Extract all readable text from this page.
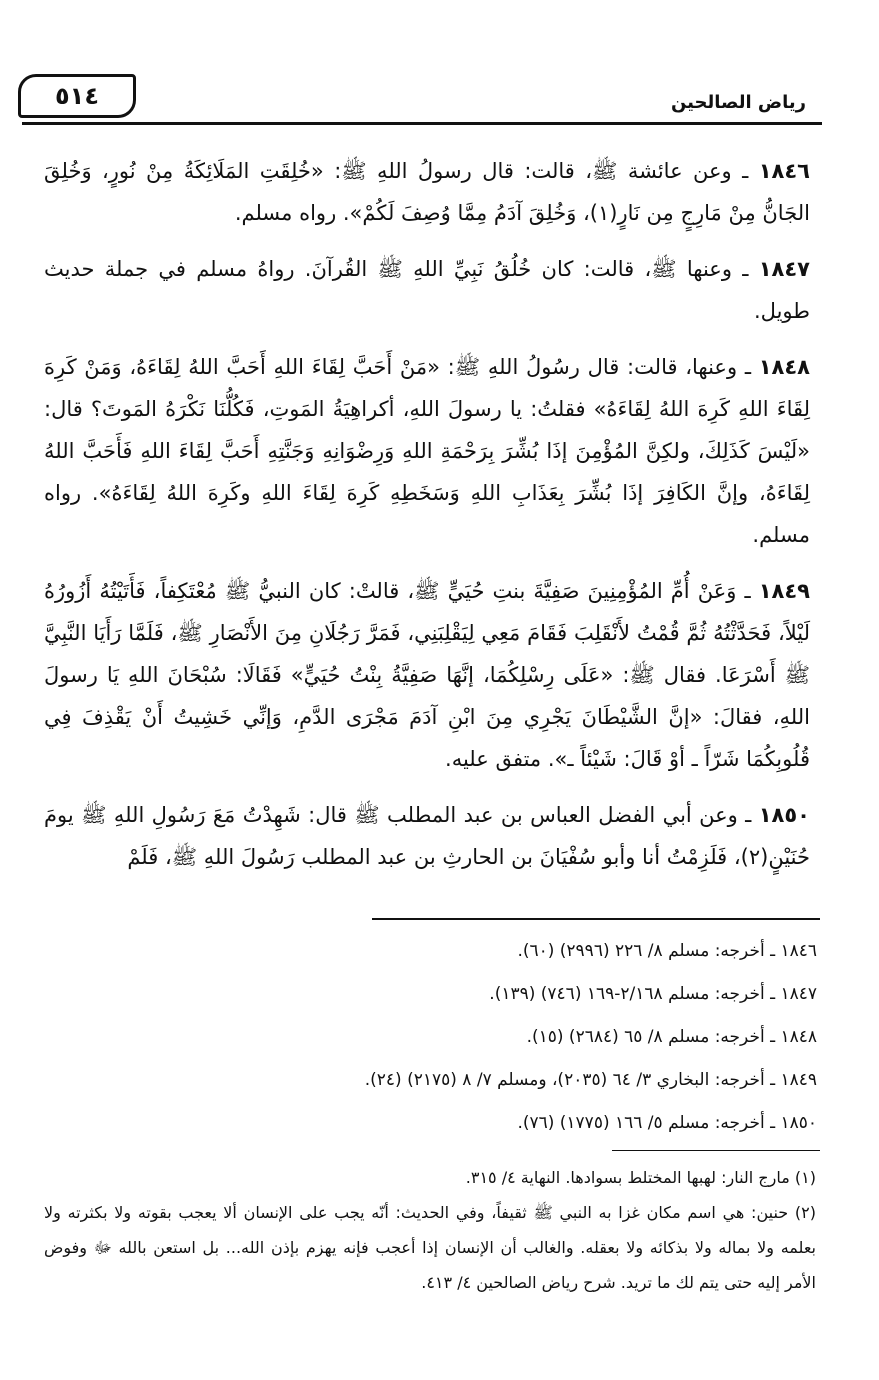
٥١٤	رياض الصالحين

١٨٤٦ ـ وعن عائشة ﷺ، قالت: قال رسولُ اللهِ ﷺ: «خُلِقَتِ المَلَائِكَةُ مِنْ نُورٍ، وَخُلِقَ الجَانُّ مِنْ مَارِجٍ مِن نَارٍ(١)، وَخُلِقَ آدَمُ مِمَّا وُصِفَ لَكُمْ». رواه مسلم.

١٨٤٧ ـ وعنها ﷺ، قالت: كان خُلُقُ نَبِيِّ اللهِ ﷺ القُرآنَ. رواهُ مسلم في جملة حديث طويل.

١٨٤٨ ـ وعنها، قالت: قال رسُولُ اللهِ ﷺ: «مَنْ أَحَبَّ لِقَاءَ اللهِ أَحَبَّ اللهُ لِقَاءَهُ، وَمَنْ كَرِهَ لِقَاءَ اللهِ كَرِهَ اللهُ لِقَاءَهُ» فقلتُ: يا رسولَ اللهِ، أكراهِيَةُ المَوتِ، فَكُلُّنَا نَكْرَهُ المَوتَ؟ قال: «لَيْسَ كَذَلِكَ، ولكِنَّ المُؤْمِنَ إذَا بُشِّرَ بِرَحْمَةِ اللهِ وَرِضْوَانِهِ وَجَنَّتِهِ أَحَبَّ لِقَاءَ اللهِ فَأَحَبَّ اللهُ لِقَاءَهُ، وإنَّ الكَافِرَ إذَا بُشِّرَ بِعَذَابِ اللهِ وَسَخَطِهِ كَرِهَ لِقَاءَ اللهِ وكَرِهَ اللهُ لِقَاءَهُ». رواه مسلم.

١٨٤٩ ـ وَعَنْ أُمِّ المُؤْمِنِينَ صَفِيَّةَ بنتِ حُيَيٍّ ﷺ، قالتْ: كان النبيُّ ﷺ مُعْتَكِفاً، فَأَتَيْتُهُ أَزُورُهُ لَيْلاً، فَحَدَّثْتُهُ ثُمَّ قُمْتُ لأَنْقَلِبَ فَقَامَ مَعِي لِيَقْلِبَنِي، فَمَرَّ رَجُلَانِ مِنَ الأَنْصَارِ ﷺ، فَلَمَّا رَأَيَا النَّبِيَّ ﷺ أَسْرَعَا. فقال ﷺ: «عَلَى رِسْلِكُمَا، إنَّهَا صَفِيَّةُ بِنْتُ حُيَيٍّ» فَقَالَا: سُبْحَانَ اللهِ يَا رسولَ اللهِ، فقالَ: «إنَّ الشَّيْطَانَ يَجْرِي مِنَ ابْنِ آدَمَ مَجْرَى الدَّمِ، وَإنِّي خَشِيتُ أَنْ يَقْذِفَ فِي قُلُوبِكُمَا شَرّاً ـ أوْ قَالَ: شَيْئاً ـ». متفق عليه.

١٨٥٠ ـ وعن أبي الفضل العباس بن عبد المطلب ﷺ قال: شَهِدْتُ مَعَ رَسُولِ اللهِ ﷺ يومَ حُنَيْنٍ(٢)، فَلَزِمْتُ أنا وأبو سُفْيَانَ بن الحارثِ بن عبد المطلب رَسُولَ اللهِ ﷺ، فَلَمْ

١٨٤٦ ـ أخرجه: مسلم ٨/ ٢٢٦ (٢٩٩٦) (٦٠).
١٨٤٧ ـ أخرجه: مسلم ٢/١٦٨-١٦٩ (٧٤٦) (١٣٩).
١٨٤٨ ـ أخرجه: مسلم ٨/ ٦٥ (٢٦٨٤) (١٥).
١٨٤٩ ـ أخرجه: البخاري ٣/ ٦٤ (٢٠٣٥)، ومسلم ٧/ ٨ (٢١٧٥) (٢٤).
١٨٥٠ ـ أخرجه: مسلم ٥/ ١٦٦ (١٧٧٥) (٧٦).

(١) مارج النار: لهبها المختلط بسوادها. النهاية ٤/ ٣١٥.

(٢) حنين: هي اسم مكان غزا به النبي ﷺ ثقيفاً، وفي الحديث: أنّه يجب على الإنسان ألا يعجب بقوته ولا بكثرته ولا بعلمه ولا بماله ولا بذكائه ولا بعقله. والغالب أن الإنسان إذا أعجب فإنه يهزم بإذن الله... بل استعن بالله ﷻ وفوض الأمر إليه حتى يتم لك ما تريد. شرح رياض الصالحين ٤/ ٤١٣.
